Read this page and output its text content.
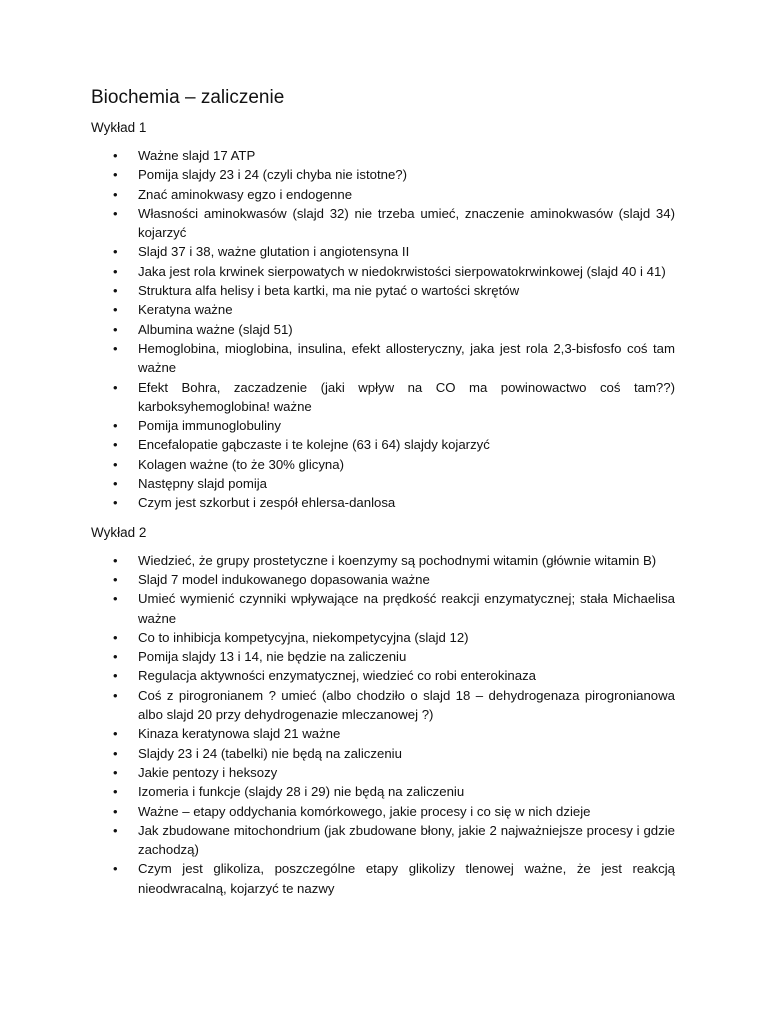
Biochemia – zaliczenie
Wykład 1
• Ważne slajd 17 ATP
• Pomija slajdy 23 i 24 (czyli chyba nie istotne?)
• Znać aminokwasy egzo i endogenne
• Własności aminokwasów (slajd 32) nie trzeba umieć, znaczenie aminokwasów (slajd 34) kojarzyć
• Slajd 37 i 38, ważne glutation i angiotensyna II
• Jaka jest rola krwinek sierpowatych w niedokrwistości sierpowatokrwinkowej (slajd 40 i 41)
• Struktura alfa helisy i beta kartki, ma nie pytać o wartości skrętów
• Keratyna ważne
• Albumina ważne (slajd 51)
• Hemoglobina, mioglobina, insulina, efekt allosteryczny, jaka jest rola 2,3-bisfosfo coś tam ważne
• Efekt Bohra, zaczadzenie (jaki wpływ na CO ma powinowactwo coś tam??) karboksyhemoglobina! ważne
• Pomija immunoglobuliny
• Encefalopatie gąbczaste i te kolejne (63 i 64) slajdy kojarzyć
• Kolagen ważne (to że 30% glicyna)
• Następny slajd pomija
• Czym jest szkorbut i zespół ehlersa-danlosa
Wykład 2
• Wiedzieć, że grupy prostetyczne i koenzymy są pochodnymi witamin (głównie witamin B)
• Slajd 7 model indukowanego dopasowania ważne
• Umieć wymienić czynniki wpływające na prędkość reakcji enzymatycznej; stała Michaelisa ważne
• Co to inhibicja kompetycyjna, niekompetycyjna (slajd 12)
• Pomija slajdy 13 i 14, nie będzie na zaliczeniu
• Regulacja aktywności enzymatycznej, wiedzieć co robi enterokinaza
• Coś z pirogronianem ? umieć (albo chodziło o slajd 18 – dehydrogenaza pirogronianowa albo slajd 20 przy dehydrogenazie mleczanowej ?)
• Kinaza keratynowa slajd 21 ważne
• Slajdy 23 i 24 (tabelki) nie będą na zaliczeniu
• Jakie pentozy i heksozy
• Izomeria i funkcje (slajdy 28 i 29) nie będą na zaliczeniu
• Ważne – etapy oddychania komórkowego, jakie procesy i co się w nich dzieje
• Jak zbudowane mitochondrium (jak zbudowane błony, jakie 2 najważniejsze procesy i gdzie zachodzą)
• Czym jest glikoliza, poszczególne etapy glikolizy tlenowej ważne, że jest reakcją nieodwracalną, kojarzyć te nazwy
